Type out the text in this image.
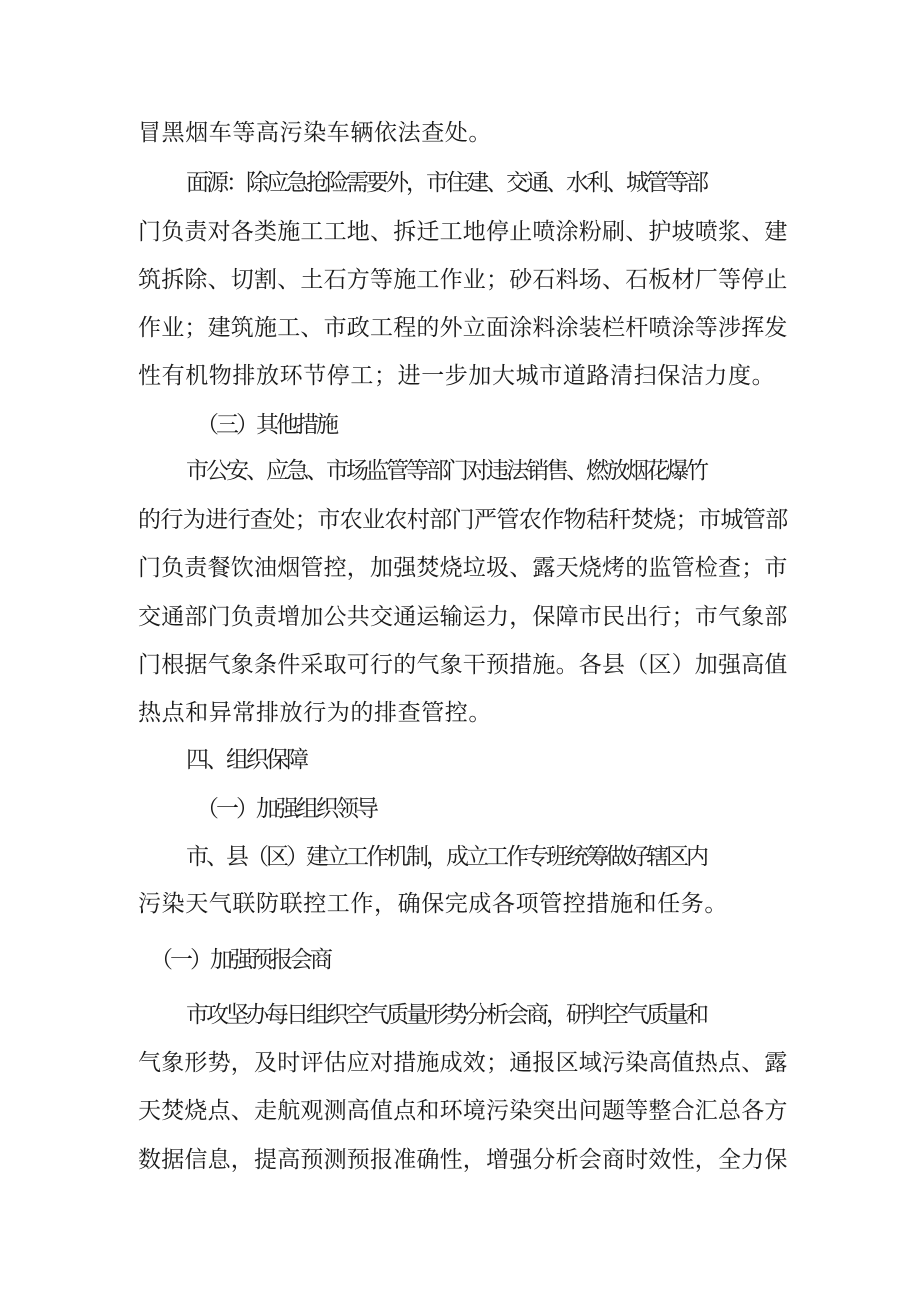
冒黑烟车等高污染车辆依法查处。
面源：除应急抢险需要外，市住建、交通、水利、城管等部
门负责对各类施工工地、拆迁工地停止喷涂粉刷、护坡喷浆、建
筑拆除、切割、土石方等施工作业；砂石料场、石板材厂等停止
作业；建筑施工、市政工程的外立面涂料涂装栏杆喷涂等涉挥发
性有机物排放环节停工；进一步加大城市道路清扫保洁力度。
（三）其他措施
市公安、应急、市场监管等部门对违法销售、燃放烟花爆竹
的行为进行查处；市农业农村部门严管农作物秸秆焚烧；市城管部
门负责餐饮油烟管控，加强焚烧垃圾、露天烧烤的监管检查；市
交通部门负责增加公共交通运输运力，保障市民出行；市气象部
门根据气象条件采取可行的气象干预措施。各县（区）加强高值
热点和异常排放行为的排查管控。
四、组织保障
（一）加强组织领导
市、县（区）建立工作机制，成立工作专班统筹做好辖区内
污染天气联防联控工作，确保完成各项管控措施和任务。
（一）加强预报会商
市攻坚办每日组织空气质量形势分析会商，研判空气质量和
气象形势，及时评估应对措施成效；通报区域污染高值热点、露
天焚烧点、走航观测高值点和环境污染突出问题等整合汇总各方
数据信息，提高预测预报准确性，增强分析会商时效性，全力保
